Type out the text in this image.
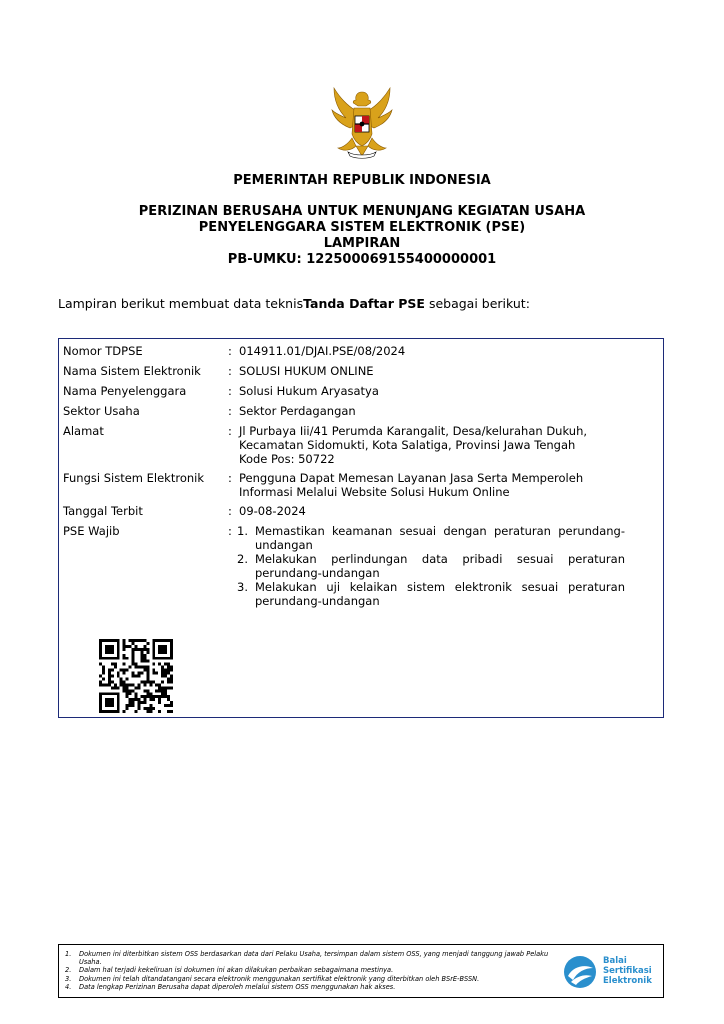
PEMERINTAH REPUBLIK INDONESIA
PERIZINAN BERUSAHA UNTUK MENUNJANG KEGIATAN USAHA
PENYELENGGARA SISTEM ELEKTRONIK (PSE)
LAMPIRAN
PB-UMKU: 122500069155400000001
Lampiran berikut membuat data teknisTanda Daftar PSE sebagai berikut:
Nomor TDPSE	: 014911.01/DJAI.PSE/08/2024
Nama Sistem Elektronik	: SOLUSI HUKUM ONLINE
Nama Penyelenggara	: Solusi Hukum Aryasatya
Sektor Usaha	: Sektor Perdagangan
Alamat	: Jl Purbaya Iii/41 Perumda Karangalit, Desa/kelurahan Dukuh,
Kecamatan Sidomukti, Kota Salatiga, Provinsi Jawa Tengah
Kode Pos: 50722
Fungsi Sistem Elektronik	: Pengguna Dapat Memesan Layanan Jasa Serta Memperoleh
Informasi Melalui Website Solusi Hukum Online
Tanggal Terbit	: 09-08-2024
PSE Wajib	: 1. Memastikan keamanan sesuai dengan peraturan perundang-undangan
2. Melakukan perlindungan data pribadi sesuai peraturan perundang-undangan
3. Melakukan uji kelaikan sistem elektronik sesuai peraturan perundang-undangan
1. Dokumen ini diterbitkan sistem OSS berdasarkan data dari Pelaku Usaha, tersimpan dalam sistem OSS, yang menjadi tanggung jawab Pelaku Usaha.
2. Dalam hal terjadi kekeliruan isi dokumen ini akan dilakukan perbaikan sebagaimana mestinya.
3. Dokumen ini telah ditandatangani secara elektronik menggunakan sertifikat elektronik yang diterbitkan oleh BSrE-BSSN.
4. Data lengkap Perizinan Berusaha dapat diperoleh melalui sistem OSS menggunakan hak akses.
Balai
Sertifikasi
Elektronik
